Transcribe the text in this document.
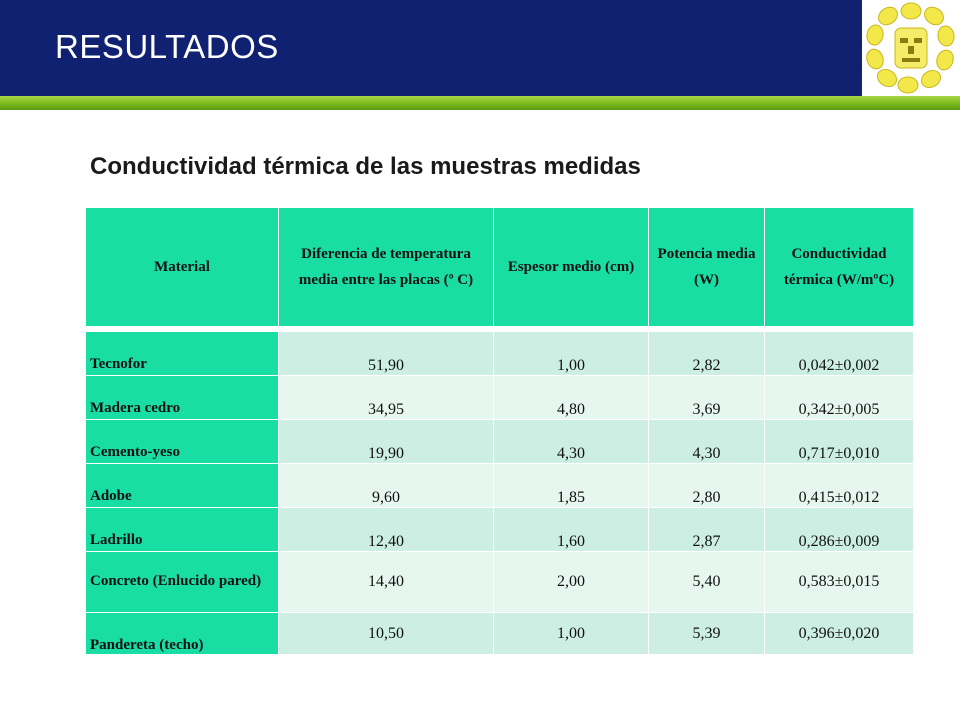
RESULTADOS
Conductividad térmica de las muestras medidas
Material	Diferencia de temperatura media entre las placas (º C)	Espesor medio (cm)	Potencia media (W)	Conductividad térmica (W/mºC)
Tecnofor	51,90	1,00	2,82	0,042±0,002
Madera cedro	34,95	4,80	3,69	0,342±0,005
Cemento-yeso	19,90	4,30	4,30	0,717±0,010
Adobe	9,60	1,85	2,80	0,415±0,012
Ladrillo	12,40	1,60	2,87	0,286±0,009
Concreto (Enlucido pared)	14,40	2,00	5,40	0,583±0,015
Pandereta (techo)	10,50	1,00	5,39	0,396±0,020
